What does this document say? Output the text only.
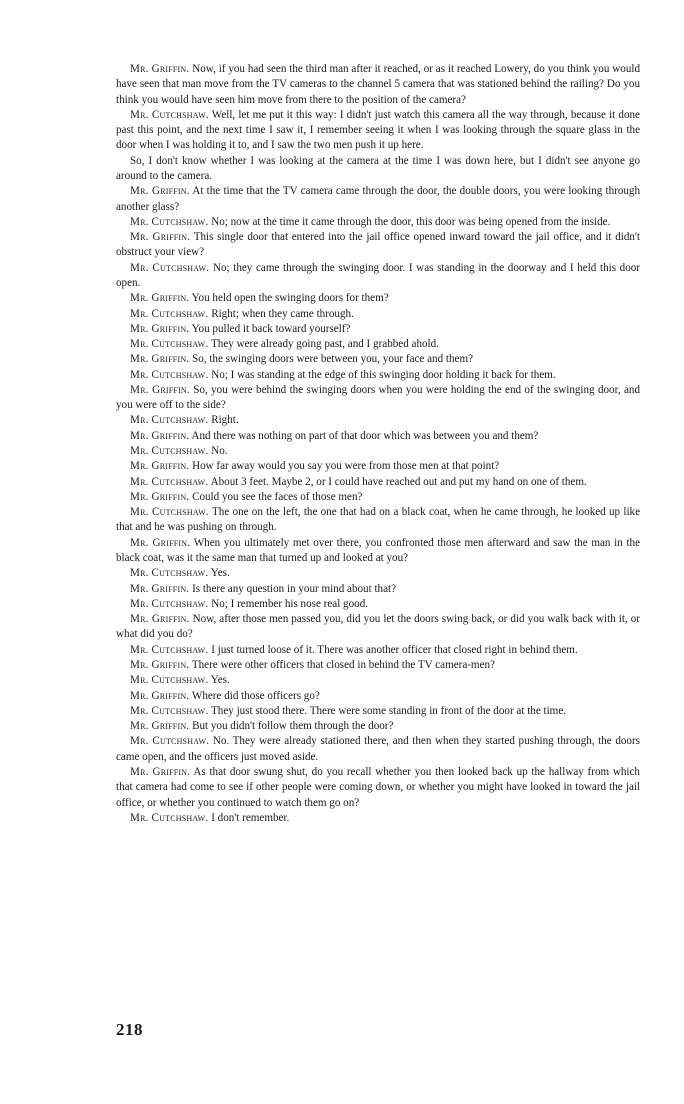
Mr. Griffin. Now, if you had seen the third man after it reached, or as it reached Lowery, do you think you would have seen that man move from the TV cameras to the channel 5 camera that was stationed behind the railing? Do you think you would have seen him move from there to the position of the camera?

Mr. Cutchshaw. Well, let me put it this way: I didn't just watch this camera all the way through, because it done past this point, and the next time I saw it, I remember seeing it when I was looking through the square glass in the door when I was holding it to, and I saw the two men push it up here.

So, I don't know whether I was looking at the camera at the time I was down here, but I didn't see anyone go around to the camera.

Mr. Griffin. At the time that the TV camera came through the door, the double doors, you were looking through another glass?

Mr. Cutchshaw. No; now at the time it came through the door, this door was being opened from the inside.

Mr. Griffin. This single door that entered into the jail office opened inward toward the jail office, and it didn't obstruct your view?

Mr. Cutchshaw. No; they came through the swinging door. I was standing in the doorway and I held this door open.

Mr. Griffin. You held open the swinging doors for them?

Mr. Cutchshaw. Right; when they came through.

Mr. Griffin. You pulled it back toward yourself?

Mr. Cutchshaw. They were already going past, and I grabbed ahold.

Mr. Griffin. So, the swinging doors were between you, your face and them?

Mr. Cutchshaw. No; I was standing at the edge of this swinging door holding it back for them.

Mr. Griffin. So, you were behind the swinging doors when you were holding the end of the swinging door, and you were off to the side?

Mr. Cutchshaw. Right.

Mr. Griffin. And there was nothing on part of that door which was between you and them?

Mr. Cutchshaw. No.

Mr. Griffin. How far away would you say you were from those men at that point?

Mr. Cutchshaw. About 3 feet. Maybe 2, or I could have reached out and put my hand on one of them.

Mr. Griffin. Could you see the faces of those men?

Mr. Cutchshaw. The one on the left, the one that had on a black coat, when he came through, he looked up like that and he was pushing on through.

Mr. Griffin. When you ultimately met over there, you confronted those men afterward and saw the man in the black coat, was it the same man that turned up and looked at you?

Mr. Cutchshaw. Yes.

Mr. Griffin. Is there any question in your mind about that?

Mr. Cutchshaw. No; I remember his nose real good.

Mr. Griffin. Now, after those men passed you, did you let the doors swing back, or did you walk back with it, or what did you do?

Mr. Cutchshaw. I just turned loose of it. There was another officer that closed right in behind them.

Mr. Griffin. There were other officers that closed in behind the TV camera-men?

Mr. Cutchshaw. Yes.

Mr. Griffin. Where did those officers go?

Mr. Cutchshaw. They just stood there. There were some standing in front of the door at the time.

Mr. Griffin. But you didn't follow them through the door?

Mr. Cutchshaw. No. They were already stationed there, and then when they started pushing through, the doors came open, and the officers just moved aside.

Mr. Griffin. As that door swung shut, do you recall whether you then looked back up the hallway from which that camera had come to see if other people were coming down, or whether you might have looked in toward the jail office, or whether you continued to watch them go on?

Mr. Cutchshaw. I don't remember.

218
